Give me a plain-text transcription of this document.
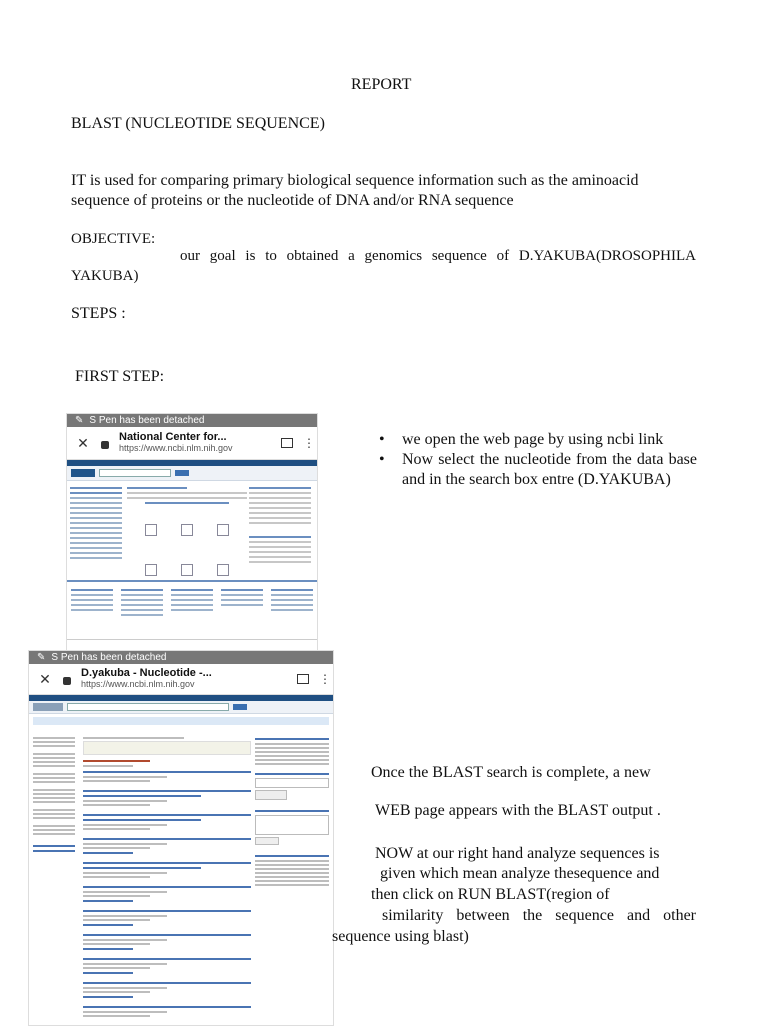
REPORT
BLAST (NUCLEOTIDE SEQUENCE)
IT is used for comparing primary biological sequence information such as the aminoacid sequence of proteins or the nucleotide of DNA and/or RNA sequence
OBJECTIVE:
our goal is to obtained a genomics sequence of D.YAKUBA(DROSOPHILA
YAKUBA)
STEPS :
FIRST STEP:
✎ S Pen has been detached
✕	National Center for...
https://www.ncbi.nlm.nih.gov	⋮
•	we open the web page by using ncbi link
• Now select the nucleotide from the data base and in the search box entre (D.YAKUBA)
✎ S Pen has been detached
✕	D.yakuba - Nucleotide -...
https://www.ncbi.nlm.nih.gov	⋮
Once the BLAST search is complete, a new
WEB page appears with the BLAST output .
NOW at our right hand analyze sequences is
given which mean analyze thesequence and
then click on RUN BLAST(region of
similarity between the sequence and other
sequence using blast)
